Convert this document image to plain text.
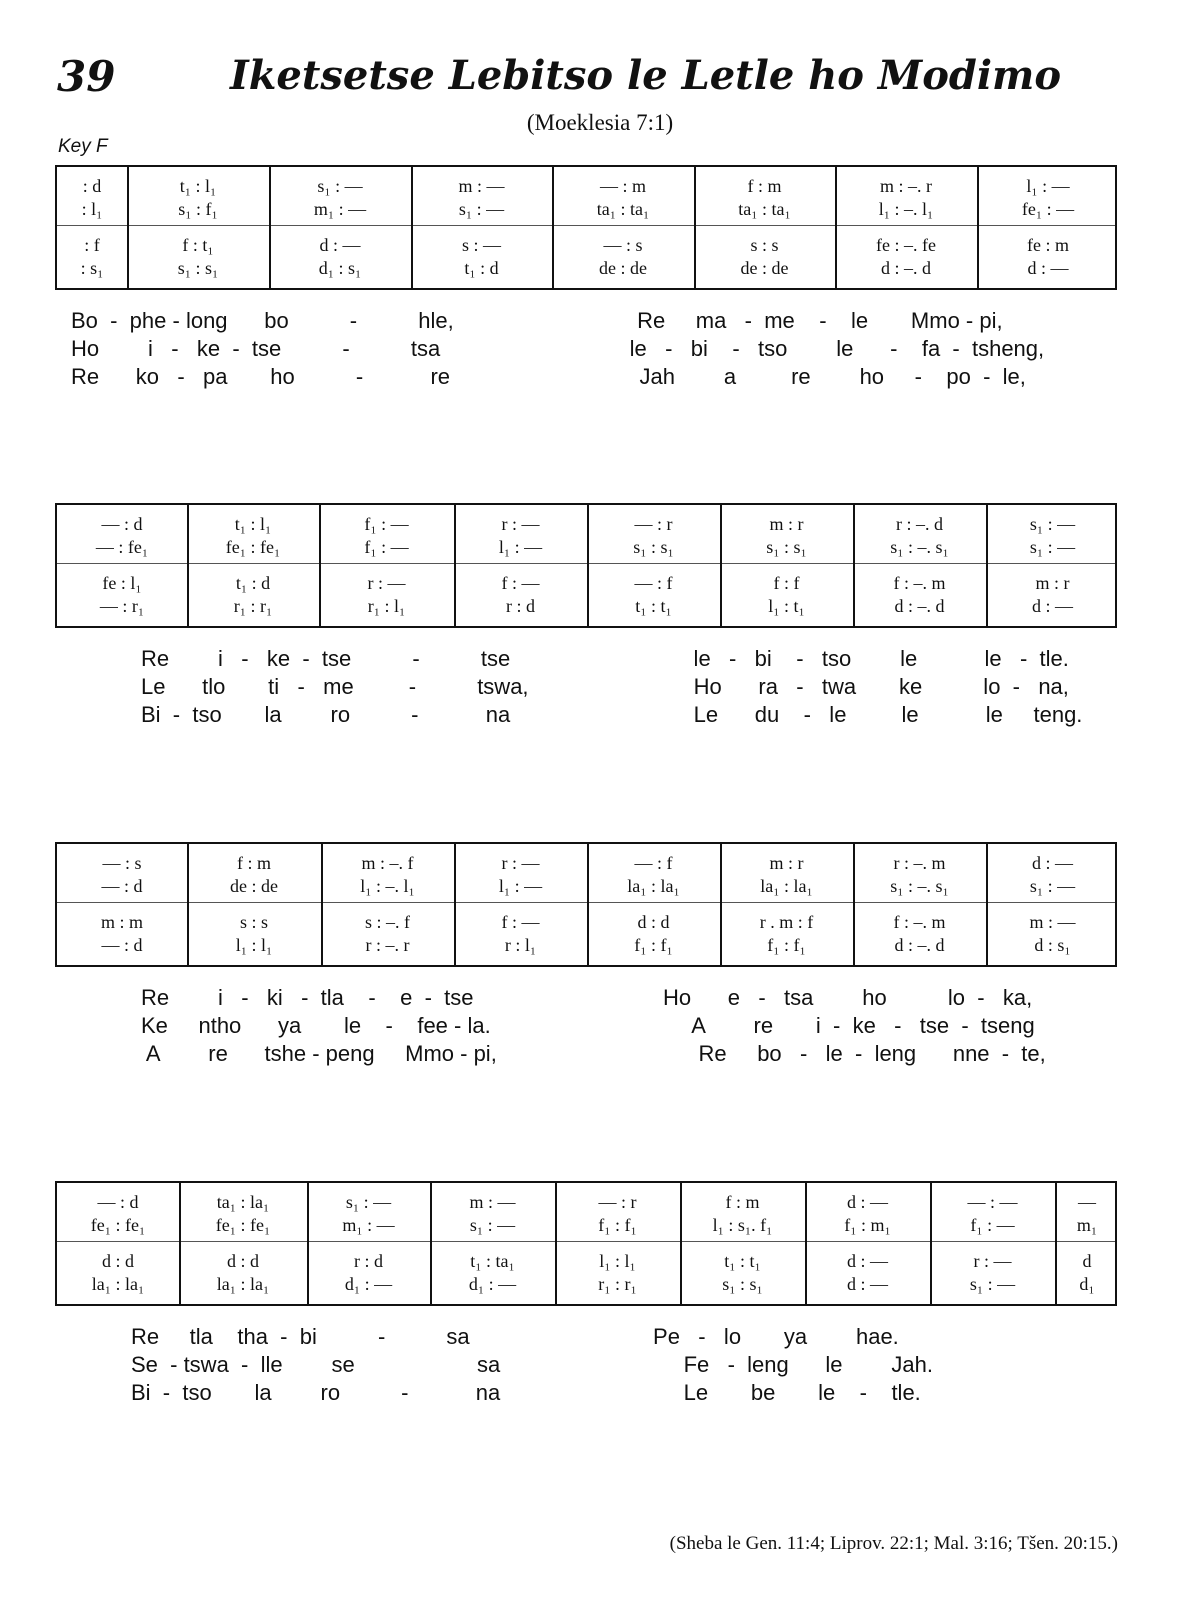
39	Iketsetse Lebitso le Letle ho Modimo
(Moeklesia 7:1)
Key F
: d
: l₁
: f
: s₁
t₁ : l₁
s₁ : f₁
f : t₁
s₁ : s₁
s₁ : —
m₁ : —
d : —
d₁ : s₁
m : —
s₁ : —
s : —
t₁ : d
— : m
ta₁ : ta₁
— : s
de : de
f : m
ta₁ : ta₁
s : s
de : de
m : –. r
l₁ : –. l₁
fe : –. fe
d : –. d
l₁ : —
fe₁ : —
fe : m
d : —
Bo  -  phe - long      bo          -          hle,                              Re     ma   -  me    -    le       Mmo - pi,
Ho        i   -   ke  -  tse          -          tsa                               le   -   bi    -   tso        le      -    fa  -  tsheng,
Re      ko   -   pa       ho          -           re                               Jah        a         re        ho     -    po  -  le,
— : d
— : fe₁
fe : l₁
— : r₁
t₁ : l₁
fe₁ : fe₁
t₁ : d
r₁ : r₁
f₁ : —
f₁ : —
r : —
r₁ : l₁
r : —
l₁ : —
f : —
r : d
— : r
s₁ : s₁
— : f
t₁ : t₁
m : r
s₁ : s₁
f : f
l₁ : t₁
r : –. d
s₁ : –. s₁
f : –. m
d : –. d
s₁ : —
s₁ : —
m : r
d : —
Re        i   -   ke  -  tse          -          tse                              le   -   bi    -   tso        le           le   -  tle.
Le      tlo       ti   -   me         -          tswa,                           Ho      ra   -   twa       ke          lo  -   na,
Bi  -  tso       la        ro          -           na                              Le      du    -   le         le           le     teng.
— : s
— : d
m : m
— : d
f : m
de : de
s : s
l₁ : l₁
m : –. f
l₁ : –. l₁
s : –. f
r : –. r
r : —
l₁ : —
f : —
r : l₁
— : f
la₁ : la₁
d : d
f₁ : f₁
m : r
la₁ : la₁
r . m : f
f₁ : f₁
r : –. m
s₁ : –. s₁
f : –. m
d : –. d
d : —
s₁ : —
m : —
d : s₁
Re        i   -   ki   -  tla    -    e  -  tse                               Ho      e   -   tsa        ho          lo  -   ka,
Ke     ntho      ya       le    -    fee - la.                                 A        re       i  -  ke   -   tse  -  tseng
A        re      tshe - peng     Mmo - pi,                                 Re     bo   -   le  -  leng      nne  -  te,
— : d
fe₁ : fe₁
d : d
la₁ : la₁
ta₁ : la₁
fe₁ : fe₁
d : d
la₁ : la₁
s₁ : —
m₁ : —
r : d
d₁ : —
m : —
s₁ : —
t₁ : ta₁
d₁ : —
— : r
f₁ : f₁
l₁ : l₁
r₁ : r₁
f : m
l₁ : s₁. f₁
t₁ : t₁
s₁ : s₁
d : —
f₁ : m₁
d : —
d : —
— : —
f₁ : —
r : —
s₁ : —
—
m₁
d
d₁
Re     tla    tha  -  bi          -          sa                              Pe   -   lo       ya        hae.
Se  - tswa  -  lle        se                    sa                              Fe   -  leng      le        Jah.
Bi  -  tso       la        ro          -           na                              Le       be       le    -    tle.
(Sheba le Gen. 11:4; Liprov. 22:1; Mal. 3:16; Tšen. 20:15.)
